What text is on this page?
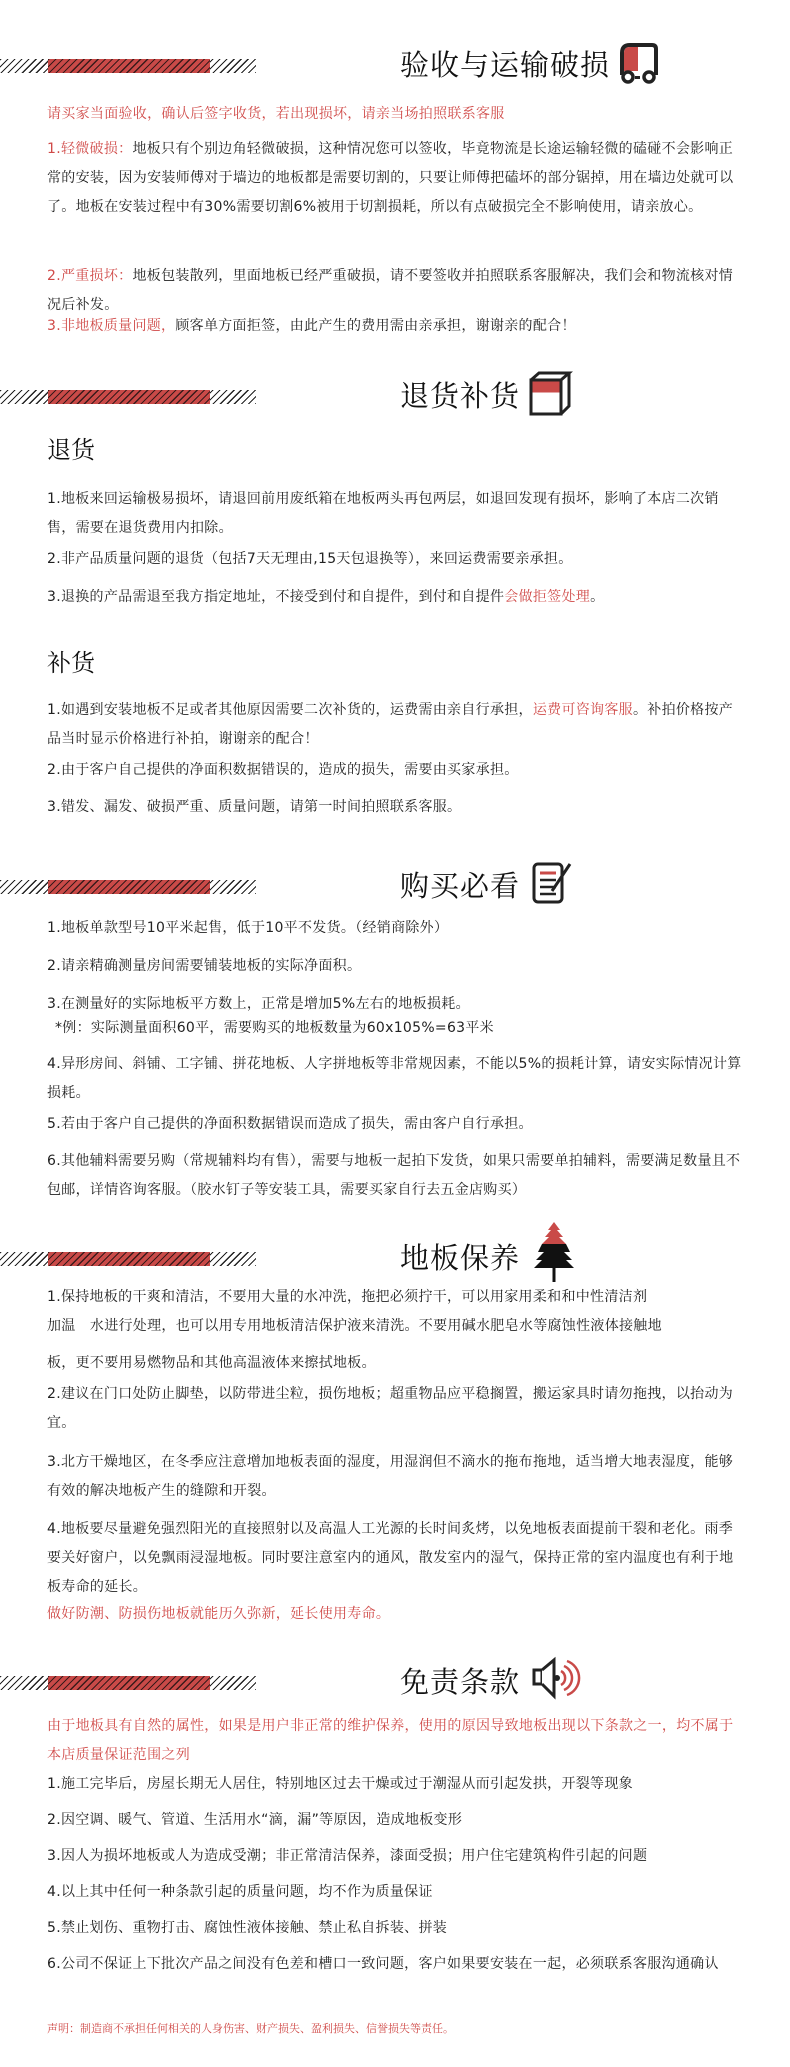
验收与运输破损
请买家当面验收，确认后签字收货，若出现损坏，请亲当场拍照联系客服
1.轻微破损：地板只有个别边角轻微破损，这种情况您可以签收，毕竟物流是长途运输轻微的磕碰不会影响正常的安装，因为安装师傅对于墙边的地板都是需要切割的，只要让师傅把磕坏的部分锯掉，用在墙边处就可以了。地板在安装过程中有30%需要切割6%被用于切割损耗，所以有点破损完全不影响使用，请亲放心。
2.严重损坏：地板包装散列，里面地板已经严重破损，请不要签收并拍照联系客服解决，我们会和物流核对情况后补发。
3.非地板质量问题，顾客单方面拒签，由此产生的费用需由亲承担，谢谢亲的配合！
退货补货
退货
1.地板来回运输极易损坏，请退回前用废纸箱在地板两头再包两层，如退回发现有损坏，影响了本店二次销售，需要在退货费用内扣除。
2.非产品质量问题的退货（包括7天无理由,15天包退换等），来回运费需要亲承担。
3.退换的产品需退至我方指定地址，不接受到付和自提件，到付和自提件会做拒签处理。
补货
1.如遇到安装地板不足或者其他原因需要二次补货的，运费需由亲自行承担，运费可咨询客服。补拍价格按产品当时显示价格进行补拍，谢谢亲的配合！
2.由于客户自己提供的净面积数据错误的，造成的损失，需要由买家承担。
3.错发、漏发、破损严重、质量问题，请第一时间拍照联系客服。
购买必看
1.地板单款型号10平米起售，低于10平不发货。（经销商除外）
2.请亲精确测量房间需要铺装地板的实际净面积。
3.在测量好的实际地板平方数上，正常是增加5%左右的地板损耗。
*例：实际测量面积60平，需要购买的地板数量为60x105%=63平米
4.异形房间、斜铺、工字铺、拼花地板、人字拼地板等非常规因素，不能以5%的损耗计算，请安实际情况计算损耗。
5.若由于客户自己提供的净面积数据错误而造成了损失，需由客户自行承担。
6.其他辅料需要另购（常规辅料均有售），需要与地板一起拍下发货，如果只需要单拍辅料，需要满足数量且不包邮，详情咨询客服。（胶水钉子等安装工具，需要买家自行去五金店购买）
地板保养
1.保持地板的干爽和清洁，不要用大量的水冲洗，拖把必须拧干，可以用家用柔和和中性清洁剂
加温　水进行处理，也可以用专用地板清洁保护液来清洗。不要用碱水肥皂水等腐蚀性液体接触地
板，更不要用易燃物品和其他高温液体来擦拭地板。
2.建议在门口处防止脚垫，以防带进尘粒，损伤地板；超重物品应平稳搁置，搬运家具时请勿拖拽，以抬动为宜。
3.北方干燥地区，在冬季应注意增加地板表面的湿度，用湿润但不滴水的拖布拖地，适当增大地表湿度，能够有效的解决地板产生的缝隙和开裂。
4.地板要尽量避免强烈阳光的直接照射以及高温人工光源的长时间炙烤，以免地板表面提前干裂和老化。雨季要关好窗户，以免飘雨浸湿地板。同时要注意室内的通风，散发室内的湿气，保持正常的室内温度也有利于地板寿命的延长。
做好防潮、防损伤地板就能历久弥新，延长使用寿命。
免责条款
由于地板具有自然的属性，如果是用户非正常的维护保养，使用的原因导致地板出现以下条款之一，均不属于本店质量保证范围之列
1.施工完毕后，房屋长期无人居住，特别地区过去干燥或过于潮湿从而引起发拱，开裂等现象
2.因空调、暖气、管道、生活用水“滴，漏”等原因，造成地板变形
3.因人为损坏地板或人为造成受潮；非正常清洁保养，漆面受损；用户住宅建筑构件引起的问题
4.以上其中任何一种条款引起的质量问题，均不作为质量保证
5.禁止划伤、重物打击、腐蚀性液体接触、禁止私自拆装、拼装
6.公司不保证上下批次产品之间没有色差和槽口一致问题，客户如果要安装在一起，必须联系客服沟通确认
声明：制造商不承担任何相关的人身伤害、财产损失、盈利损失、信誉损失等责任。
